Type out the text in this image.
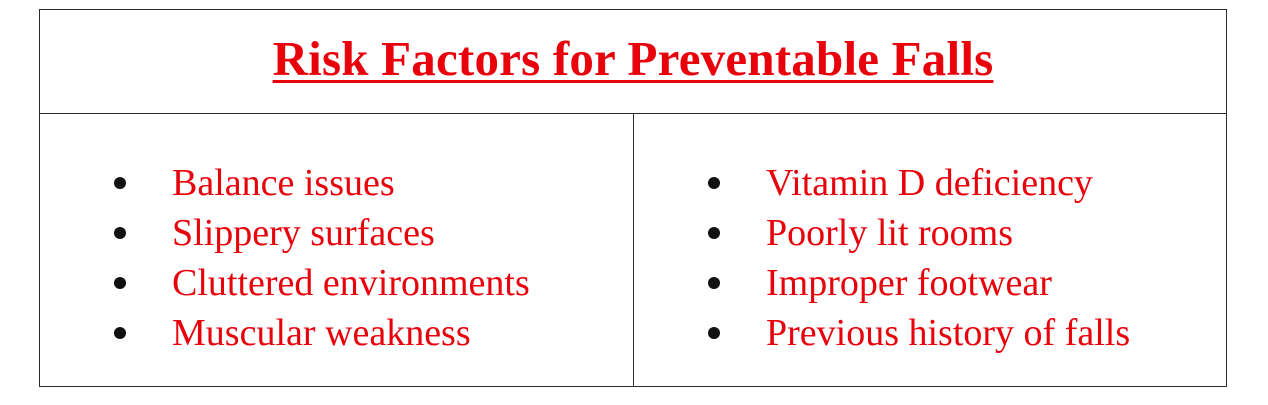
Risk Factors for Preventable Falls
Balance issues
Slippery surfaces
Cluttered environments
Muscular weakness
Vitamin D deficiency
Poorly lit rooms
Improper footwear
Previous history of falls
